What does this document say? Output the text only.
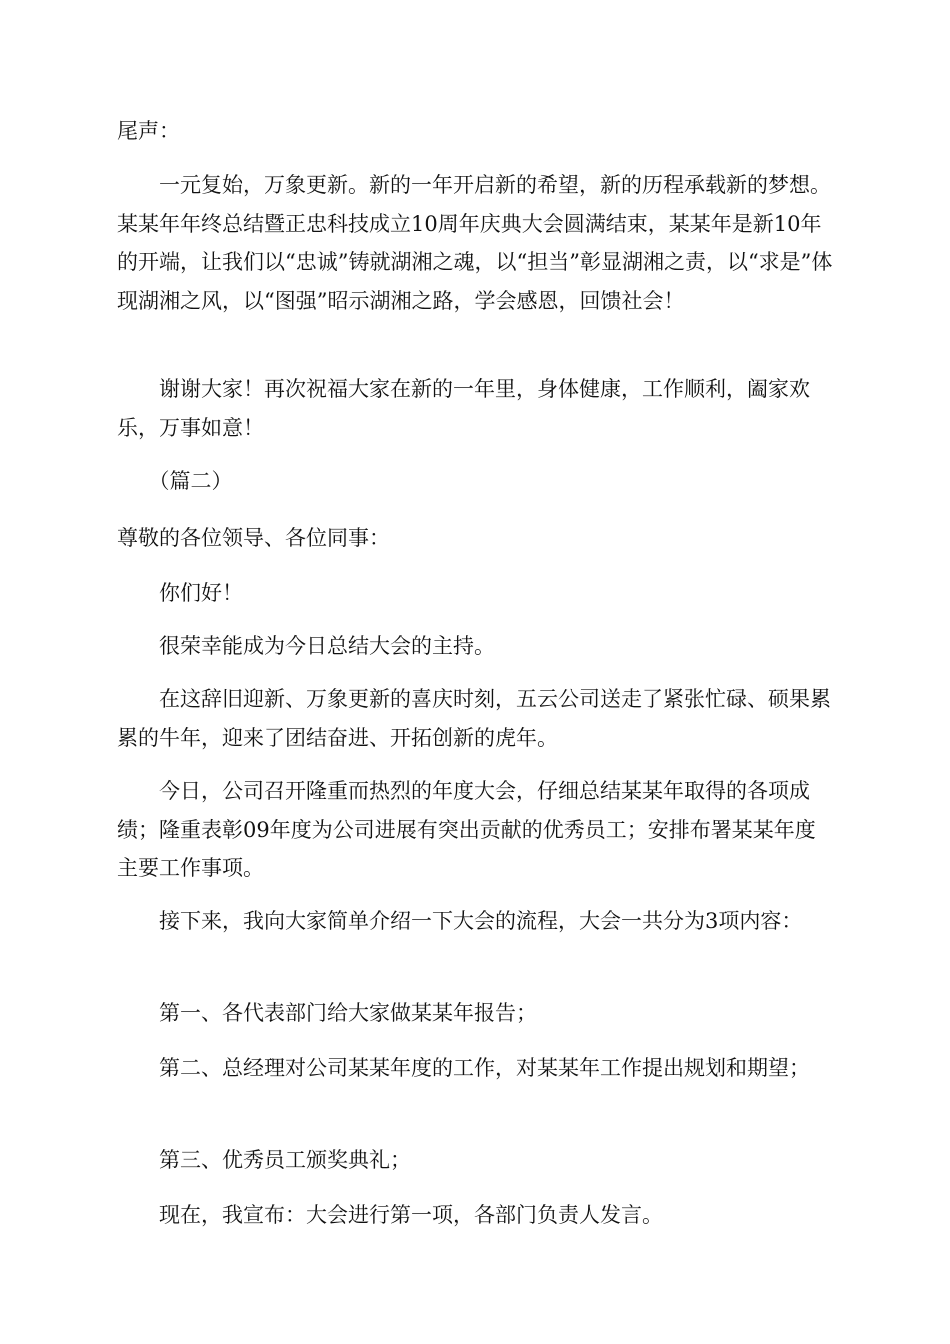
尾声：

　　一元复始，万象更新。新的一年开启新的希望，新的历程承载新的梦想。某某年年终总结暨正忠科技成立10周年庆典大会圆满结束，某某年是新10年的开端，让我们以“忠诚”铸就湖湘之魂，以“担当”彰显湖湘之责，以“求是”体现湖湘之风，以“图强”昭示湖湘之路，学会感恩，回馈社会！

　　谢谢大家！再次祝福大家在新的一年里，身体健康，工作顺利，阖家欢乐，万事如意！

　　（篇二）

尊敬的各位领导、各位同事：

　　你们好！

　　很荣幸能成为今日总结大会的主持。

　　在这辞旧迎新、万象更新的喜庆时刻，五云公司送走了紧张忙碌、硕果累累的牛年，迎来了团结奋进、开拓创新的虎年。

　　今日，公司召开隆重而热烈的年度大会，仔细总结某某年取得的各项成绩；隆重表彰09年度为公司进展有突出贡献的优秀员工；安排布署某某年度主要工作事项。

　　接下来，我向大家简单介绍一下大会的流程，大会一共分为3项内容：

　　第一、各代表部门给大家做某某年报告；

　　第二、总经理对公司某某年度的工作，对某某年工作提出规划和期望；

　　第三、优秀员工颁奖典礼；

　　现在，我宣布：大会进行第一项，各部门负责人发言。
